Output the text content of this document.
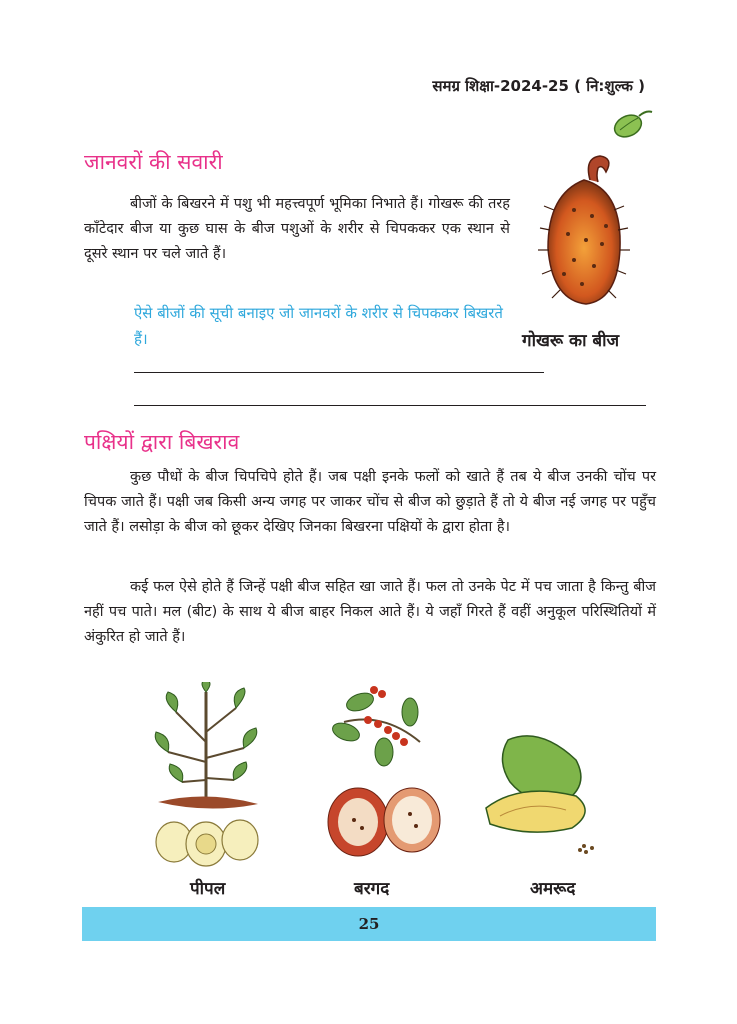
समग्र शिक्षा-2024-25 ( नि:शुल्क )
जानवरों की सवारी
बीजों के बिखरने में पशु भी महत्त्वपूर्ण भूमिका निभाते हैं। गोखरू की तरह काँटेदार बीज या कुछ घास के बीज पशुओं के शरीर से चिपककर एक स्थान से दूसरे स्थान पर चले जाते हैं।
ऐसे बीजों की सूची बनाइए जो जानवरों के शरीर से चिपककर बिखरते हैं।	गोखरू का बीज
पक्षियों द्वारा बिखराव
कुछ पौधों के बीज चिपचिपे होते हैं। जब पक्षी इनके फलों को खाते हैं तब ये बीज उनकी चोंच पर चिपक जाते हैं। पक्षी जब किसी अन्य जगह पर जाकर चोंच से बीज को छुड़ाते हैं तो ये बीज नई जगह पर पहुँच जाते हैं। लसोड़ा के बीज को छूकर देखिए जिनका बिखरना पक्षियों के द्वारा होता है।
कई फल ऐसे होते हैं जिन्हें पक्षी बीज सहित खा जाते हैं। फल तो उनके पेट में पच जाता है किन्तु बीज नहीं पच पाते। मल (बीट) के साथ ये बीज बाहर निकल आते हैं। ये जहाँ गिरते हैं वहीं अनुकूल परिस्थितियों में अंकुरित हो जाते हैं।
पीपल	बरगद	अमरूद
25
